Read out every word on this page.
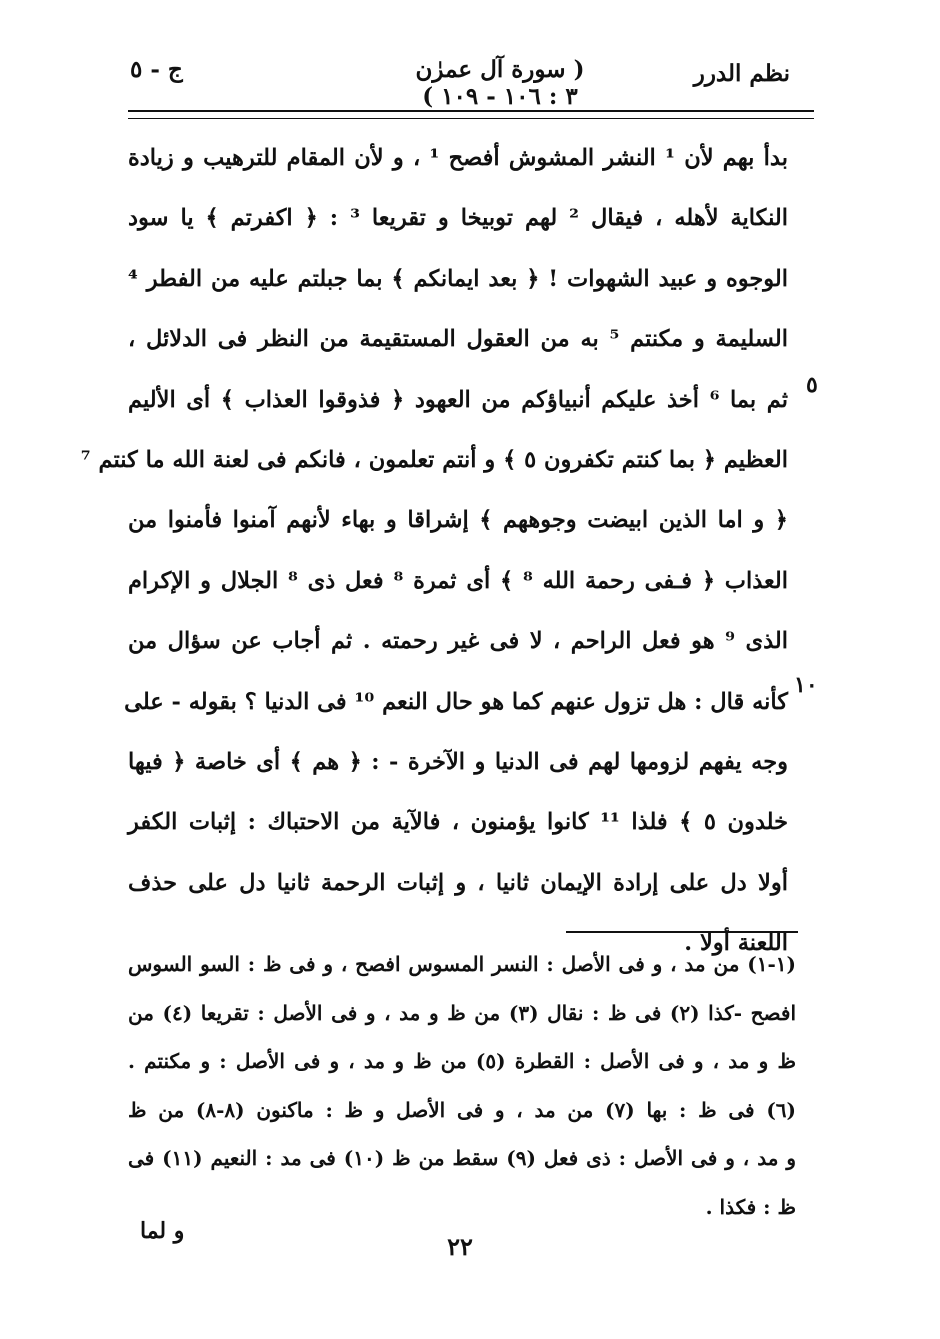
نظم الدرر
( سورة آل عمرٰن ٣ : ١٠٦ - ١٠٩ )
ج - ٥
بدأ بهم لأن ¹ النشر المشوش أفصح ¹ ، و لأن المقام للترهيب و زيادة
النكاية لأهله ، فيقال ² لهم توبيخا و تقريعا ³ : ﴿ اكفرتم ﴾ يا سود
الوجوه و عبيد الشهوات ! ﴿ بعد ايمانكم ﴾ بما جبلتم عليه من الفطر ⁴
السليمة و مكنتم ⁵ به من العقول المستقيمة من النظر فى الدلائل ،
ثم بما ⁶ أخذ عليكم أنبياؤكم من العهود ﴿ فذوقوا العذاب ﴾ أى الأليم
العظيم ﴿ بما كنتم تكفرون ٥ ﴾ و أنتم تعلمون ، فانكم فى لعنة الله ما كنتم ⁷
﴿ و اما الذين ابيضت وجوههم ﴾ إشراقا و بهاء لأنهم آمنوا فأمنوا من
العذاب ﴿ فـفى رحمة الله ⁸ ﴾ أى ثمرة ⁸ فعل ذى ⁸ الجلال و الإكرام
الذى ⁹ هو فعل الراحم ، لا فى غير رحمته . ثم أجاب عن سؤال من
كأنه قال : هل تزول عنهم كما هو حال النعم ¹⁰ فى الدنيا ؟ بقوله - على
وجه يفهم لزومها لهم فى الدنيا و الآخرة - : ﴿ هم ﴾ أى خاصة ﴿ فيها
خلدون ٥ ﴾ فلذا ¹¹ كانوا يؤمنون ، فالآية من الاحتباك : إثبات الكفر
أولا دل على إرادة الإيمان ثانيا ، و إثبات الرحمة ثانيا دل على حذف
اللعنة أولا .
٥
١٠
(١-١) من مد ، و فى الأصل : النسر المسوس افصح ، و فى ظ : السو السوس
افصح -كذا (٢) فى ظ : نقال (٣) من ظ و مد ، و فى الأصل : تقريعا (٤) من
ظ و مد ، و فى الأصل : القطرة (٥) من ظ و مد ، و فى الأصل : و مكنتم .
(٦) فى ظ : بها (٧) من مد ، و فى الأصل و ظ : ماكنون (٨-٨) من ظ
و مد ، و فى الأصل : ذى فعل (٩) سقط من ظ (١٠) فى مد : النعيم (١١) فى
ظ : فكذا .
و لما
٢٢
